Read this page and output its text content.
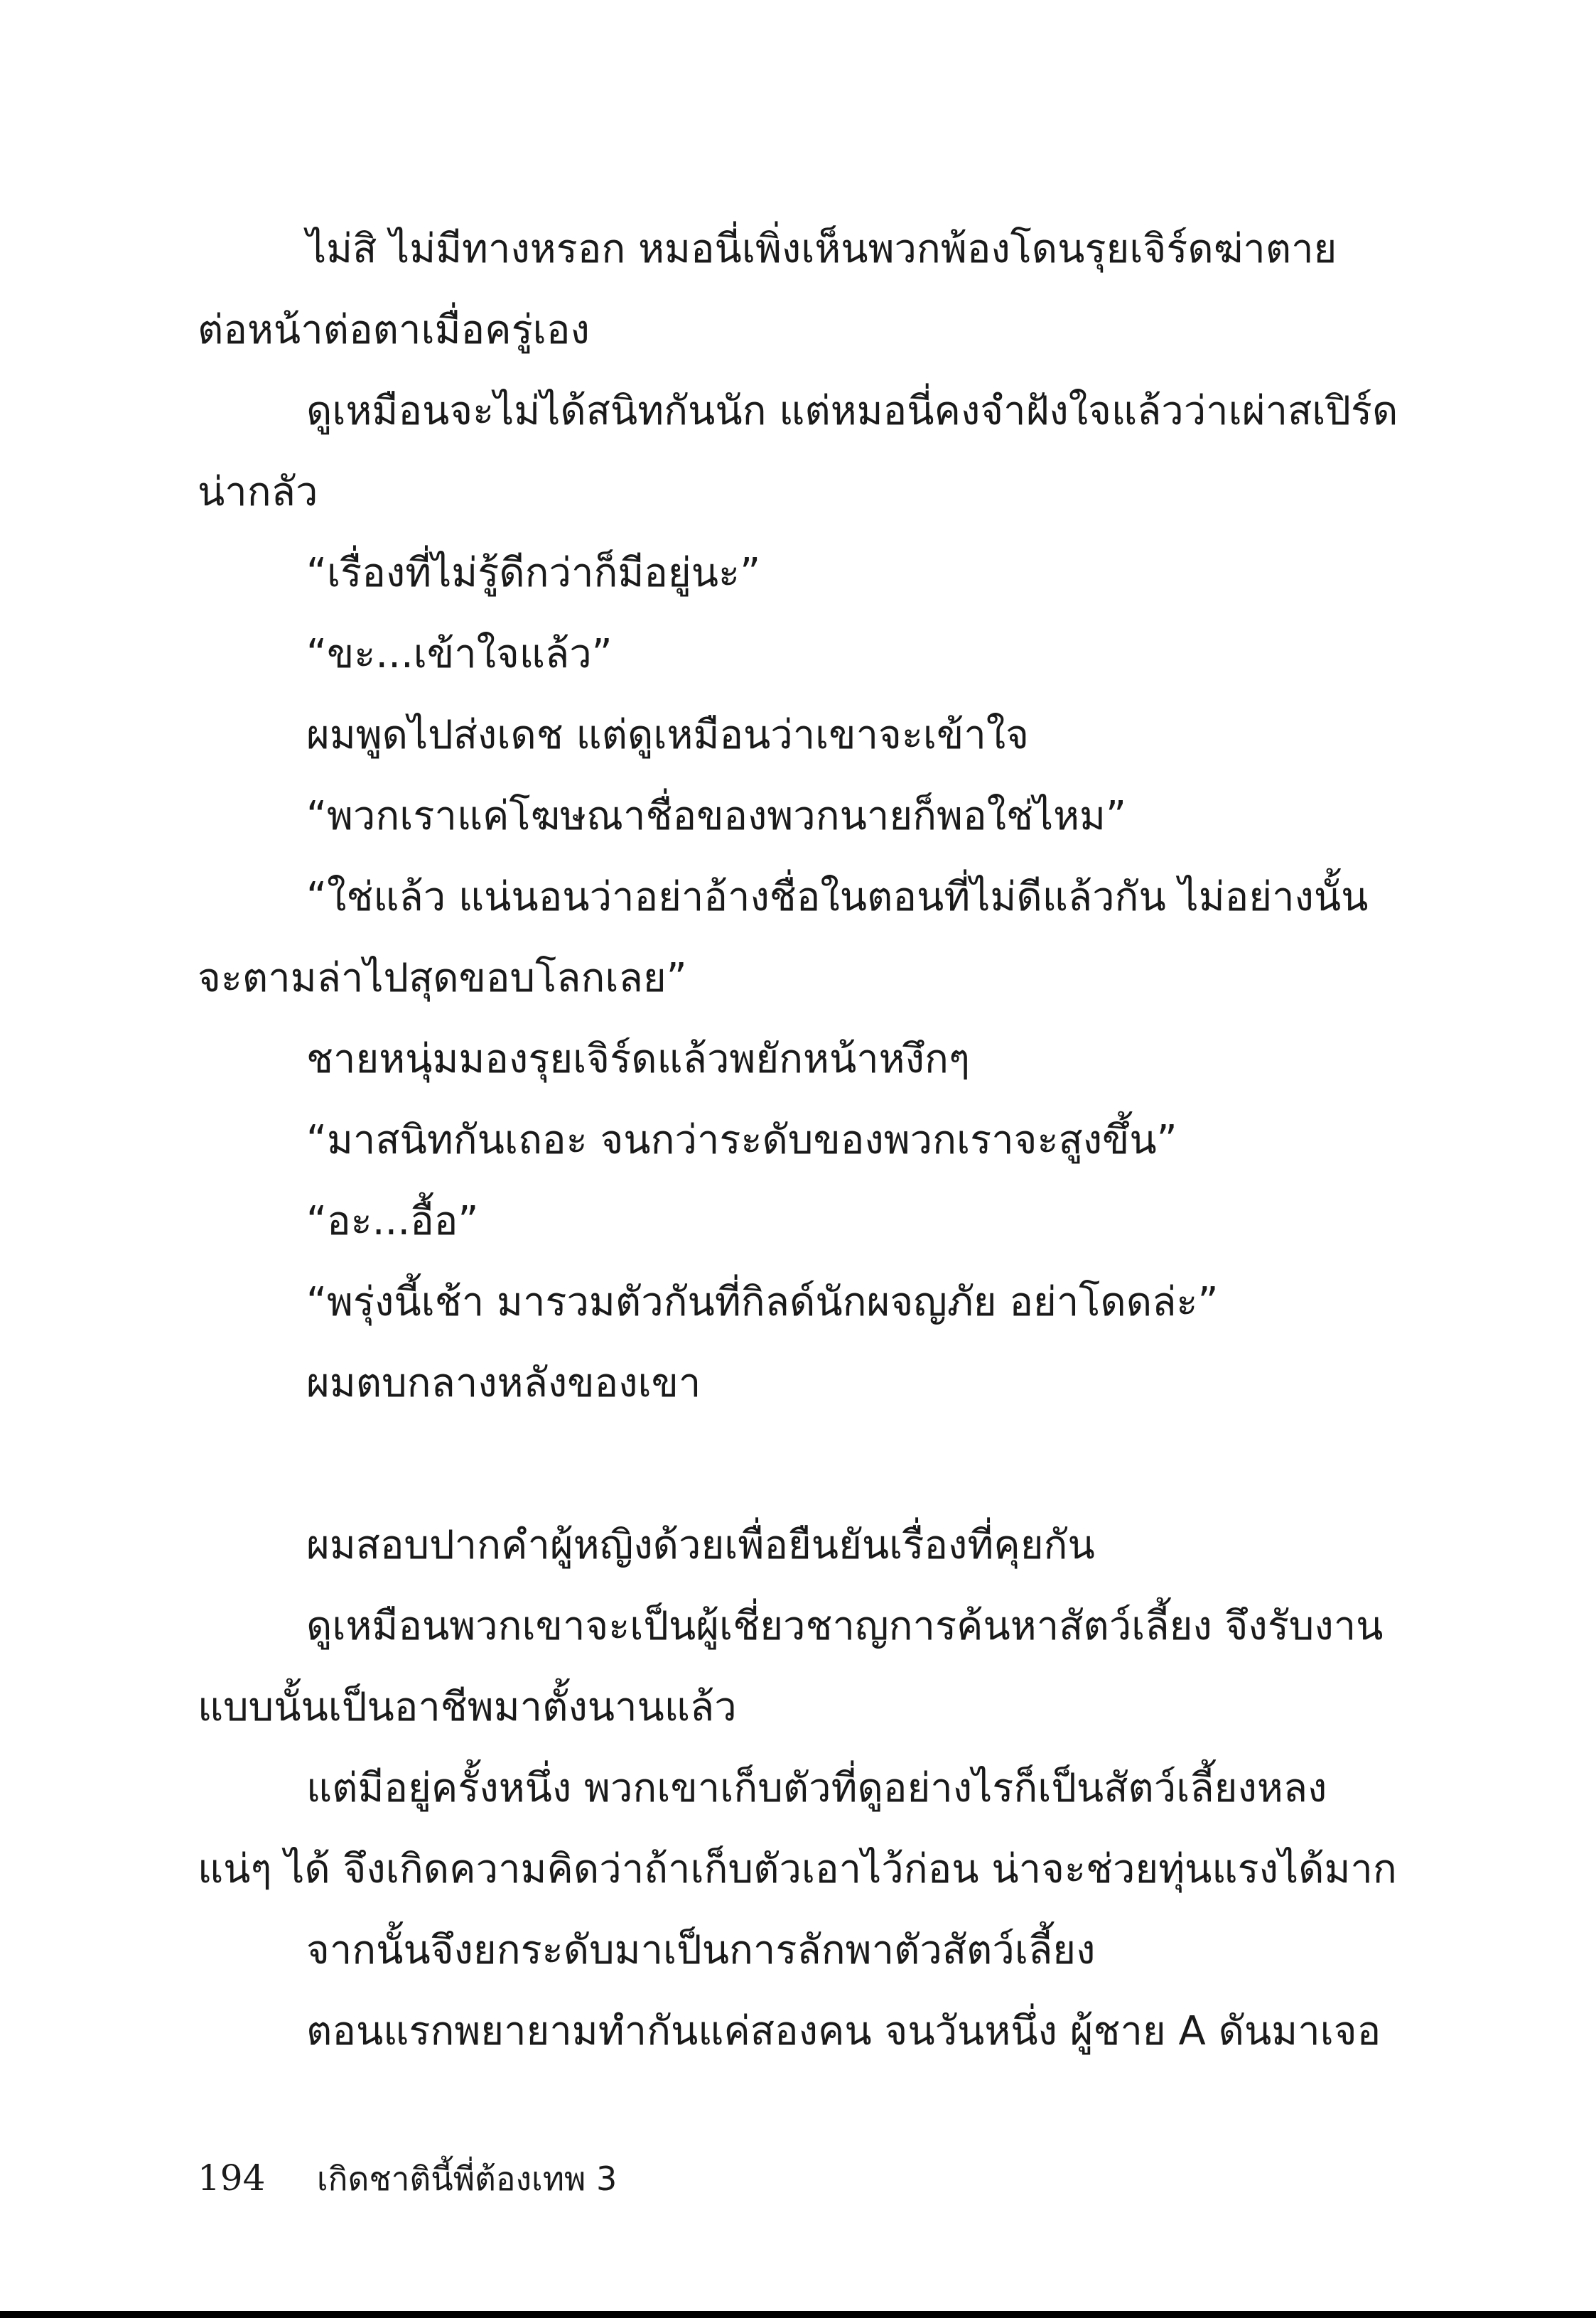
ไม่สิ ไม่มีทางหรอก หมอนี่เพิ่งเห็นพวกพ้องโดนรุยเจิร์ดฆ่าตาย
ต่อหน้าต่อตาเมื่อครู่เอง
ดูเหมือนจะไม่ได้สนิทกันนัก แต่หมอนี่คงจำฝังใจแล้วว่าเผ่าสเปิร์ด
น่ากลัว
“เรื่องที่ไม่รู้ดีกว่าก็มีอยู่นะ”
“ขะ...เข้าใจแล้ว”
ผมพูดไปส่งเดช แต่ดูเหมือนว่าเขาจะเข้าใจ
“พวกเราแค่โฆษณาชื่อของพวกนายก็พอใช่ไหม”
“ใช่แล้ว แน่นอนว่าอย่าอ้างชื่อในตอนที่ไม่ดีแล้วกัน ไม่อย่างนั้น
จะตามล่าไปสุดขอบโลกเลย”
ชายหนุ่มมองรุยเจิร์ดแล้วพยักหน้าหงึกๆ
“มาสนิทกันเถอะ จนกว่าระดับของพวกเราจะสูงขึ้น”
“อะ...อื้อ”
“พรุ่งนี้เช้า มารวมตัวกันที่กิลด์นักผจญภัย อย่าโดดล่ะ”
ผมตบกลางหลังของเขา
ผมสอบปากคำผู้หญิงด้วยเพื่อยืนยันเรื่องที่คุยกัน
ดูเหมือนพวกเขาจะเป็นผู้เชี่ยวชาญการค้นหาสัตว์เลี้ยง จึงรับงาน
แบบนั้นเป็นอาชีพมาตั้งนานแล้ว
แต่มีอยู่ครั้งหนึ่ง พวกเขาเก็บตัวที่ดูอย่างไรก็เป็นสัตว์เลี้ยงหลง
แน่ๆ ได้ จึงเกิดความคิดว่าถ้าเก็บตัวเอาไว้ก่อน น่าจะช่วยทุ่นแรงได้มาก
จากนั้นจึงยกระดับมาเป็นการลักพาตัวสัตว์เลี้ยง
ตอนแรกพยายามทำกันแค่สองคน จนวันหนึ่ง ผู้ชาย A ดันมาเจอ
194 เกิดชาตินี้พี่ต้องเทพ 3
